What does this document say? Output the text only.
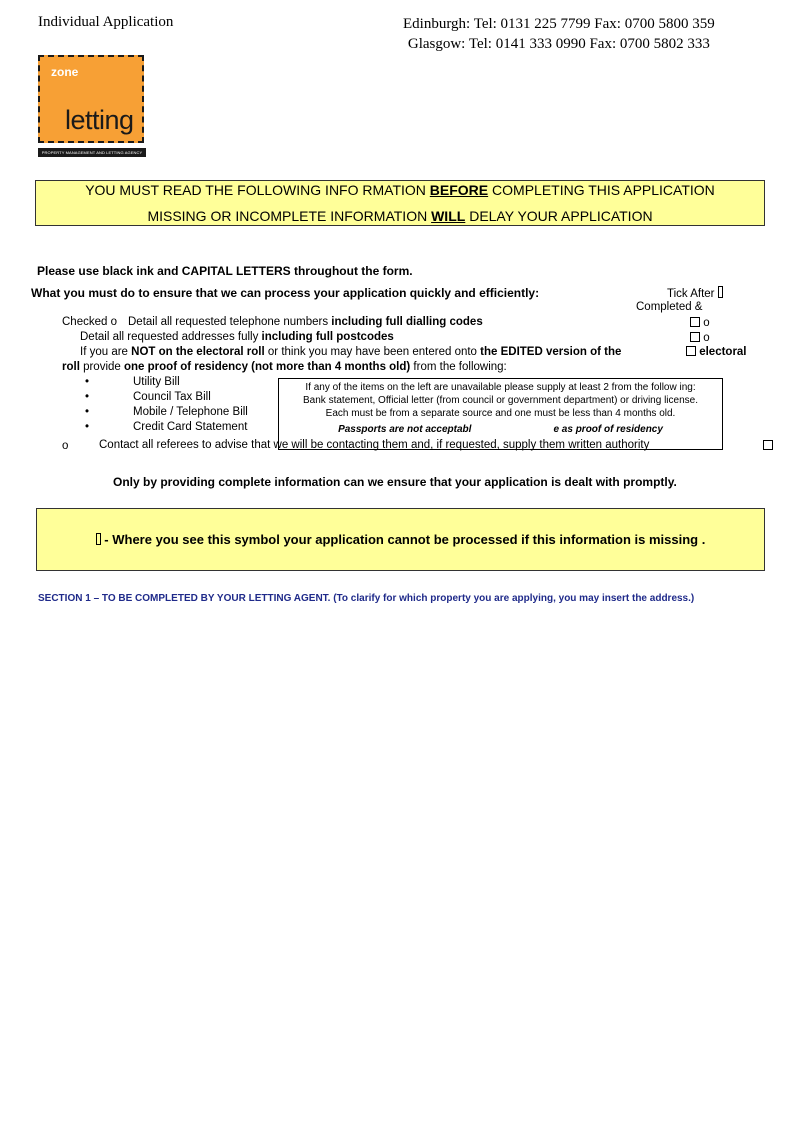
Individual Application	Edinburgh: Tel: 0131 225 7799 Fax: 0700 5800 359
Glasgow: Tel: 0141 333 0990 Fax: 0700 5802 333
zone
letting
PROPERTY MANAGEMENT AND LETTING AGENCY
YOU MUST READ THE FOLLOWING INFO RMATION BEFORE COMPLETING THIS APPLICATION
MISSING OR INCOMPLETE INFORMATION WILL DELAY YOUR APPLICATION
Please use black ink and CAPITAL LETTERS throughout the form.
What you must do to ensure that we can process your application quickly and efficiently:	Tick After
Completed &
Checked o Detail all requested telephone numbers including full dialling codes	o
Detail all requested addresses fully including full postcodes	o
If you are NOT on the electoral roll or think you may have been entered onto the EDITED version of the	electoral
roll provide one proof of residency (not more than 4 months old) from the following:
•	Utility Bill
•	Council Tax Bill
•	Mobile / Telephone Bill
•	Credit Card Statement
If any of the items on the left are unavailable please supply at least 2 from the follow ing:
Bank statement, Official letter (from council or government department) or driving license.
Each must be from a separate source and one must be less than 4 months old.
Passports are not acceptabl	e as proof of residency
o	Contact all referees to advise that we will be contacting them and, if requested, supply them written authority
Only by providing complete information can we ensure that your application is dealt with promptly.
- Where you see this symbol your application cannot be processed if this information is missing .
SECTION 1 – TO BE COMPLETED BY YOUR LETTING AGENT. (To clarify for which property you are applying, you may insert the address.)
